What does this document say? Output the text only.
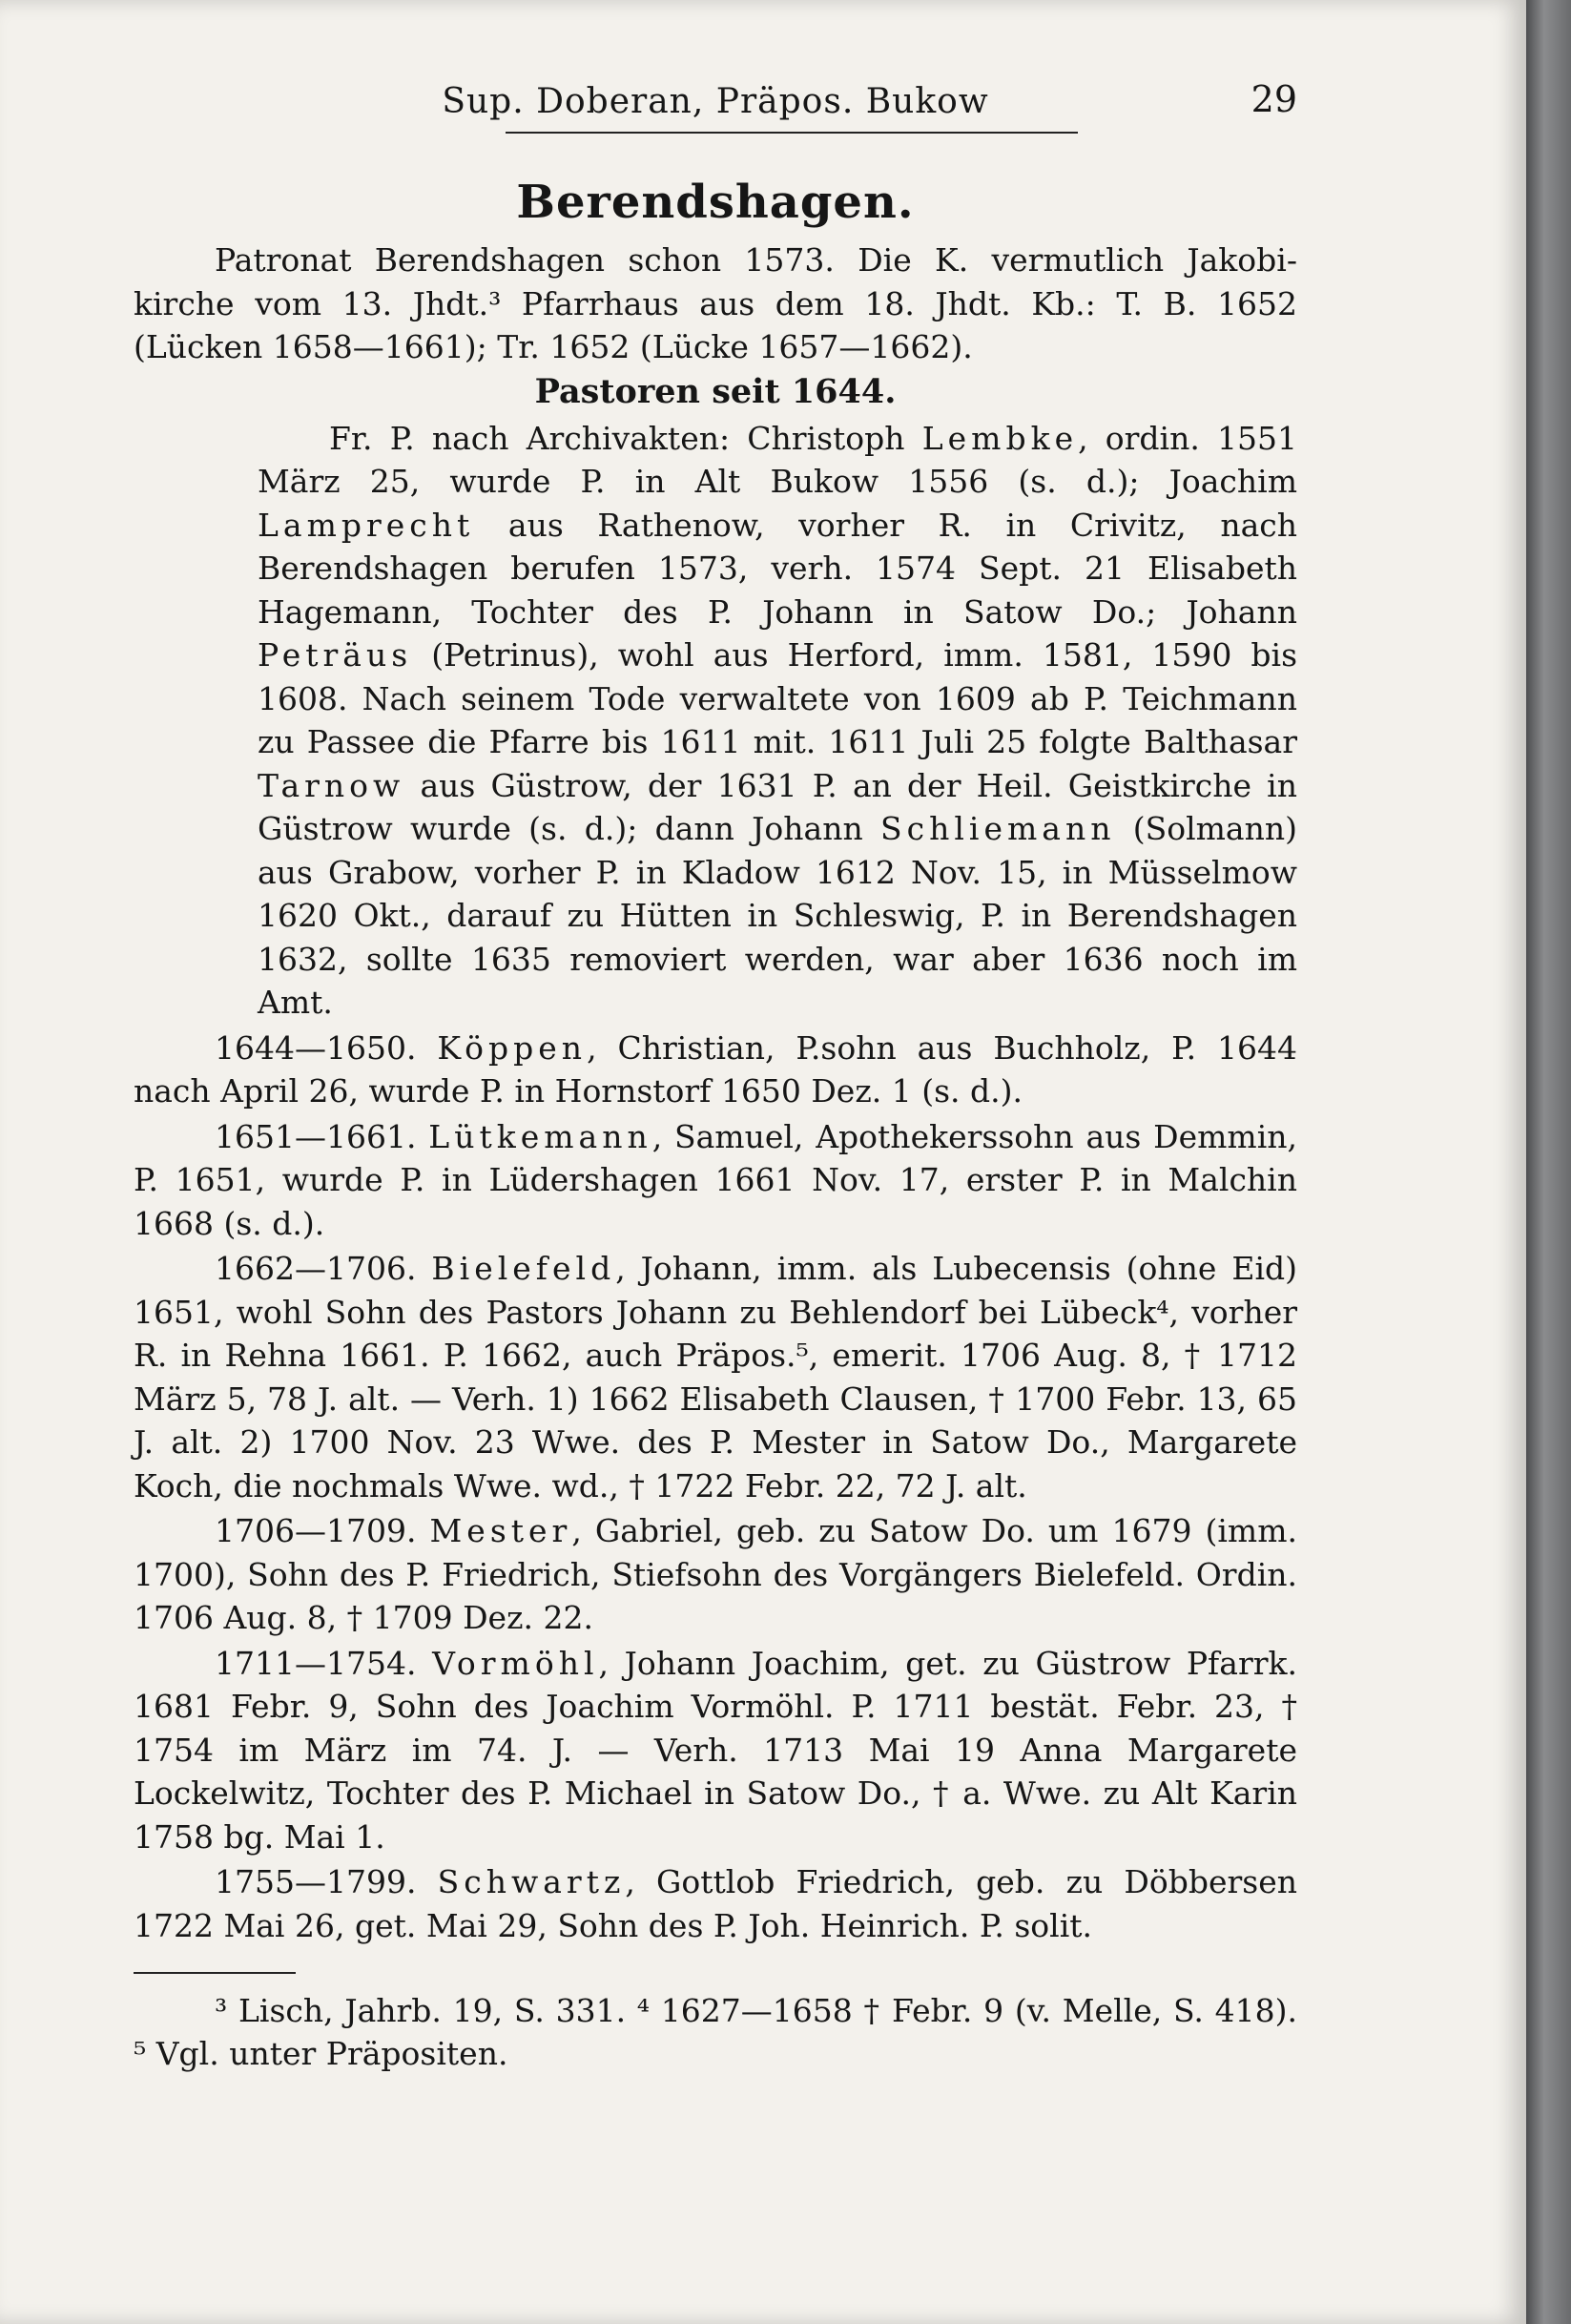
Sup. Doberan, Präpos. Bukow	29
Berendshagen.

Patronat Berendshagen schon 1573. Die K. vermutlich Jakobi-kirche vom 13. Jhdt.³ Pfarrhaus aus dem 18. Jhdt. Kb.: T. B. 1652 (Lücken 1658—1661); Tr. 1652 (Lücke 1657—1662).

Pastoren seit 1644.

Fr. P. nach Archivakten: Christoph Lembke, ordin. 1551 März 25, wurde P. in Alt Bukow 1556 (s. d.); Joachim Lamprecht aus Rathenow, vorher R. in Crivitz, nach Berendshagen berufen 1573, verh. 1574 Sept. 21 Elisabeth Hagemann, Tochter des P. Johann in Satow Do.; Johann Peträus (Petrinus), wohl aus Herford, imm. 1581, 1590 bis 1608. Nach seinem Tode verwaltete von 1609 ab P. Teichmann zu Passee die Pfarre bis 1611 mit. 1611 Juli 25 folgte Balthasar Tarnow aus Güstrow, der 1631 P. an der Heil. Geistkirche in Güstrow wurde (s. d.); dann Johann Schliemann (Solmann) aus Grabow, vorher P. in Kladow 1612 Nov. 15, in Müsselmow 1620 Okt., darauf zu Hütten in Schleswig, P. in Berendshagen 1632, sollte 1635 removiert werden, war aber 1636 noch im Amt.

1644—1650. Köppen, Christian, P.sohn aus Buchholz, P. 1644 nach April 26, wurde P. in Hornstorf 1650 Dez. 1 (s. d.).

1651—1661. Lütkemann, Samuel, Apothekerssohn aus Demmin, P. 1651, wurde P. in Lüdershagen 1661 Nov. 17, erster P. in Malchin 1668 (s. d.).

1662—1706. Bielefeld, Johann, imm. als Lubecensis (ohne Eid) 1651, wohl Sohn des Pastors Johann zu Behlendorf bei Lübeck⁴, vorher R. in Rehna 1661. P. 1662, auch Präpos.⁵, emerit. 1706 Aug. 8, † 1712 März 5, 78 J. alt. — Verh. 1) 1662 Elisabeth Clausen, † 1700 Febr. 13, 65 J. alt. 2) 1700 Nov. 23 Wwe. des P. Mester in Satow Do., Margarete Koch, die nochmals Wwe. wd., † 1722 Febr. 22, 72 J. alt.

1706—1709. Mester, Gabriel, geb. zu Satow Do. um 1679 (imm. 1700), Sohn des P. Friedrich, Stiefsohn des Vorgängers Bielefeld. Ordin. 1706 Aug. 8, † 1709 Dez. 22.

1711—1754. Vormöhl, Johann Joachim, get. zu Güstrow Pfarrk. 1681 Febr. 9, Sohn des Joachim Vormöhl. P. 1711 bestät. Febr. 23, † 1754 im März im 74. J. — Verh. 1713 Mai 19 Anna Margarete Lockelwitz, Tochter des P. Michael in Satow Do., † a. Wwe. zu Alt Karin 1758 bg. Mai 1.

1755—1799. Schwartz, Gottlob Friedrich, geb. zu Döbbersen 1722 Mai 26, get. Mai 29, Sohn des P. Joh. Heinrich. P. solit.

³ Lisch, Jahrb. 19, S. 331. ⁴ 1627—1658 † Febr. 9 (v. Melle, S. 418). ⁵ Vgl. unter Präpositen.
